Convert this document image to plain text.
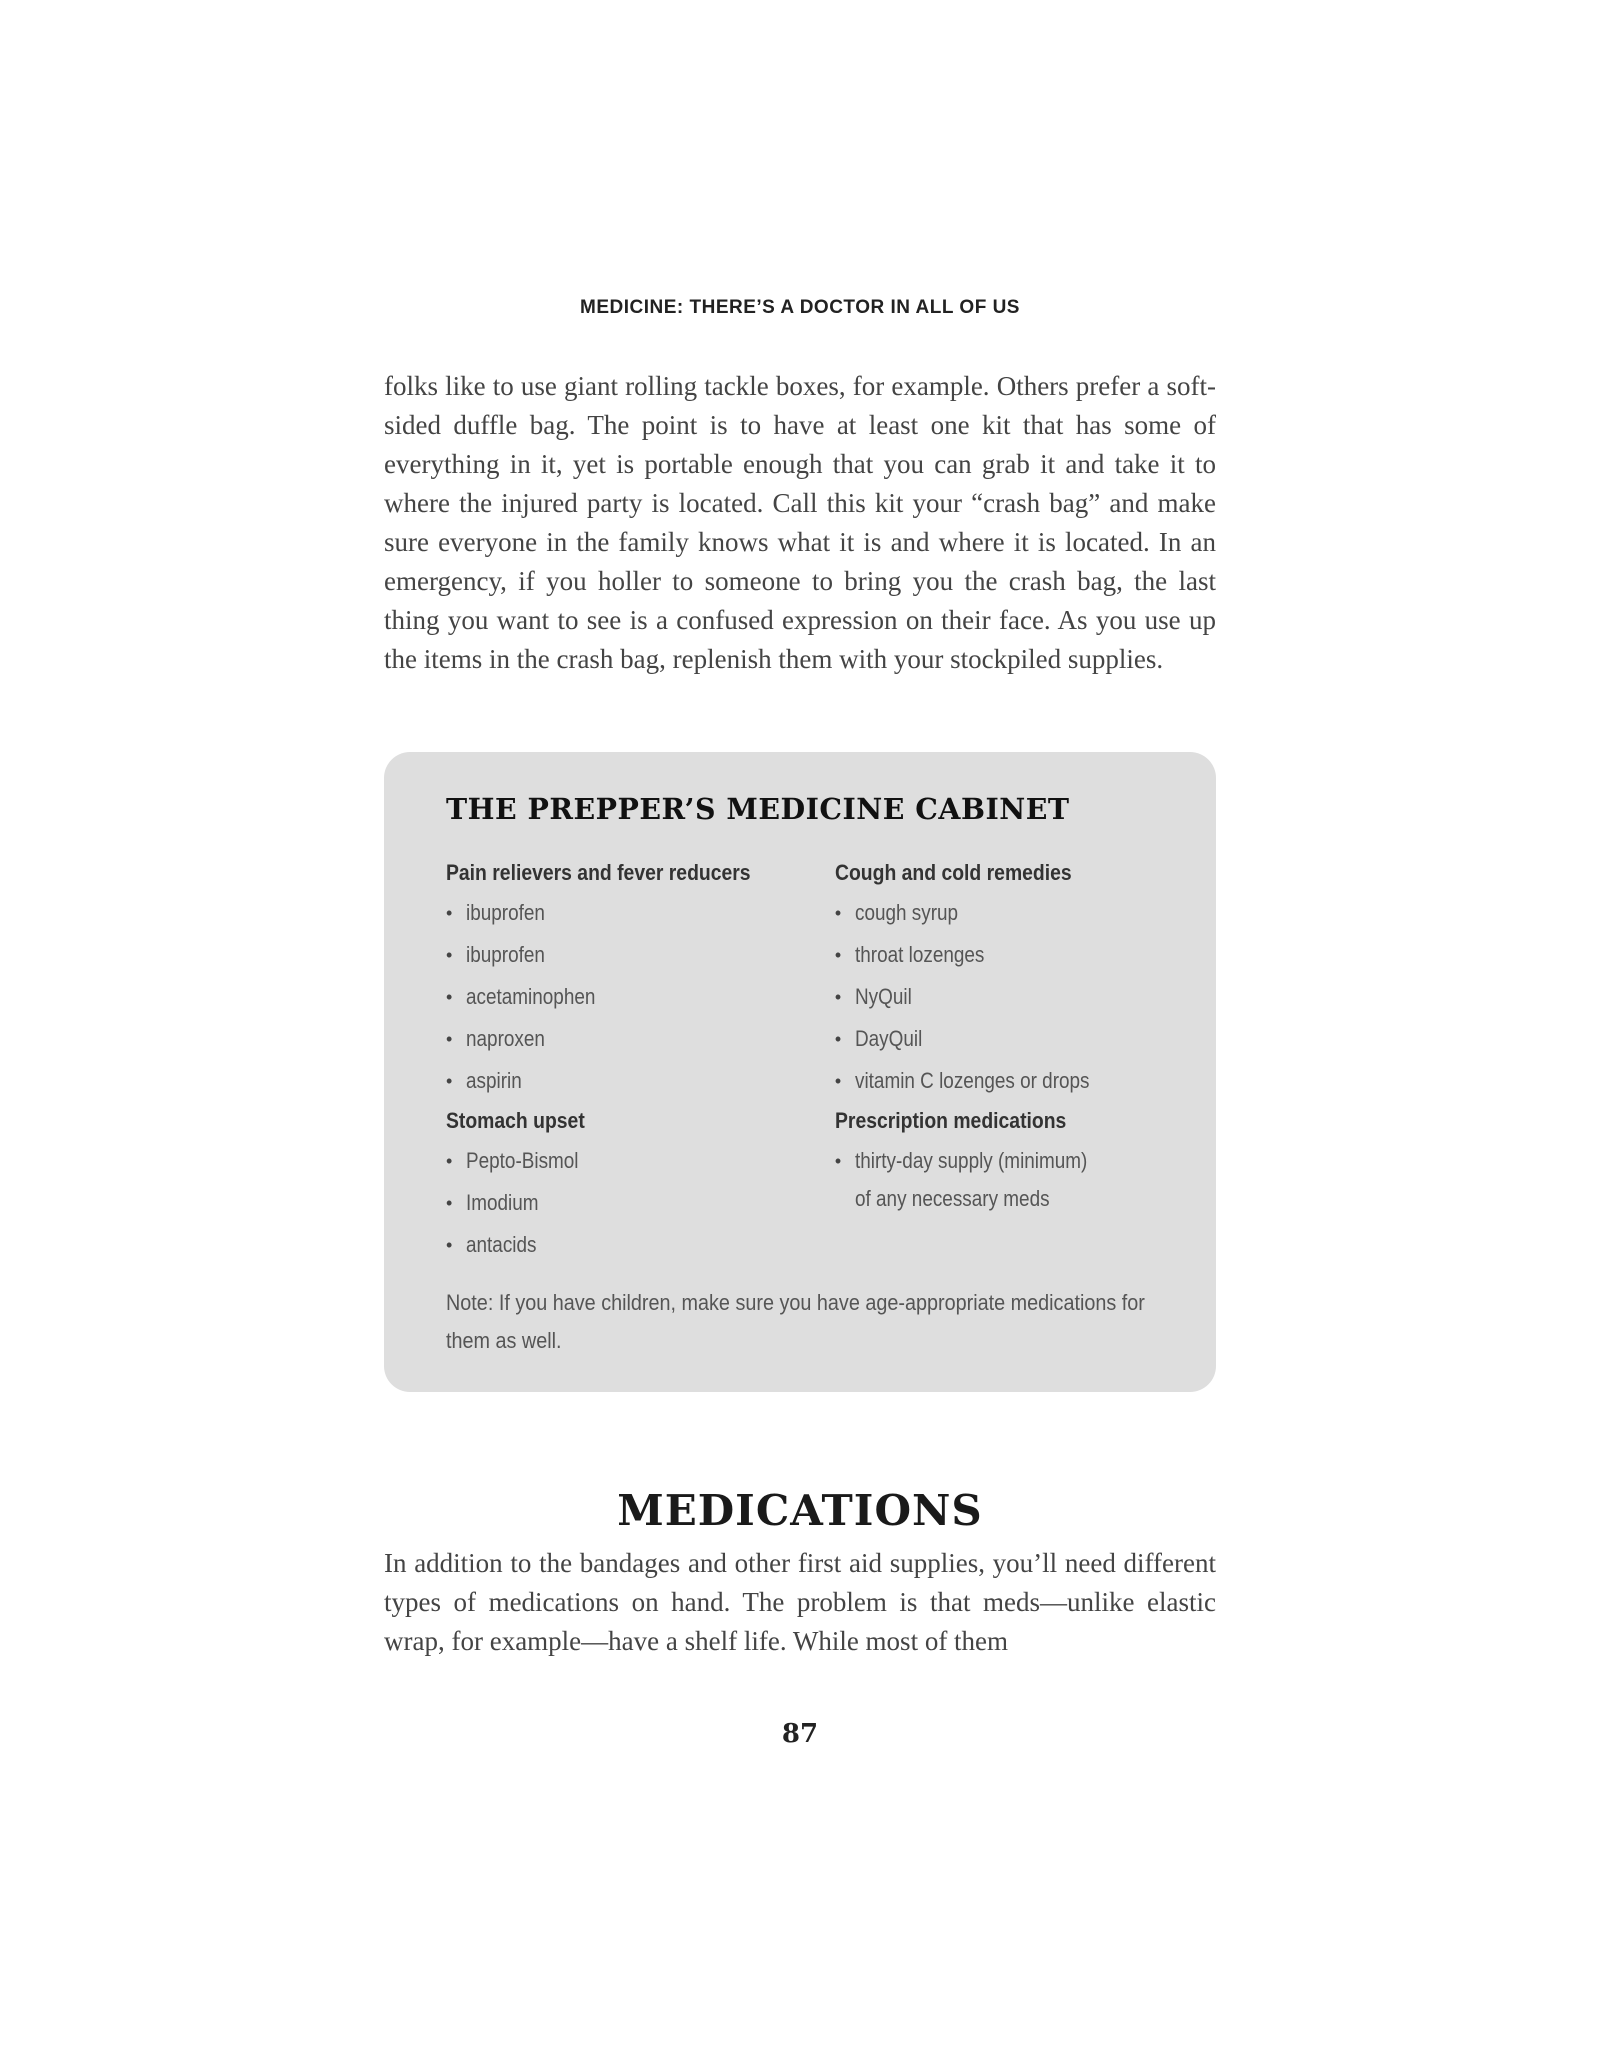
MEDICINE: THERE’S A DOCTOR IN ALL OF US

folks like to use giant rolling tackle boxes, for example. Others prefer a soft-sided duffle bag. The point is to have at least one kit that has some of everything in it, yet is portable enough that you can grab it and take it to where the injured party is located. Call this kit your “crash bag” and make sure everyone in the family knows what it is and where it is located. In an emergency, if you holler to someone to bring you the crash bag, the last thing you want to see is a confused expression on their face. As you use up the items in the crash bag, replenish them with your stockpiled supplies.

THE PREPPER’S MEDICINE CABINET
Pain relievers and fever reducers
• ibuprofen
• ibuprofen
• acetaminophen
• naproxen
• aspirin
Stomach upset
• Pepto-Bismol
• Imodium
• antacids
Cough and cold remedies
• cough syrup
• throat lozenges
• NyQuil
• DayQuil
• vitamin C lozenges or drops
Prescription medications
• thirty-day supply (minimum) of any necessary meds
Note: If you have children, make sure you have age-appropriate medications for them as well.
MEDICATIONS

In addition to the bandages and other first aid supplies, you’ll need different types of medications on hand. The problem is that meds—unlike elastic wrap, for example—have a shelf life. While most of them

87
